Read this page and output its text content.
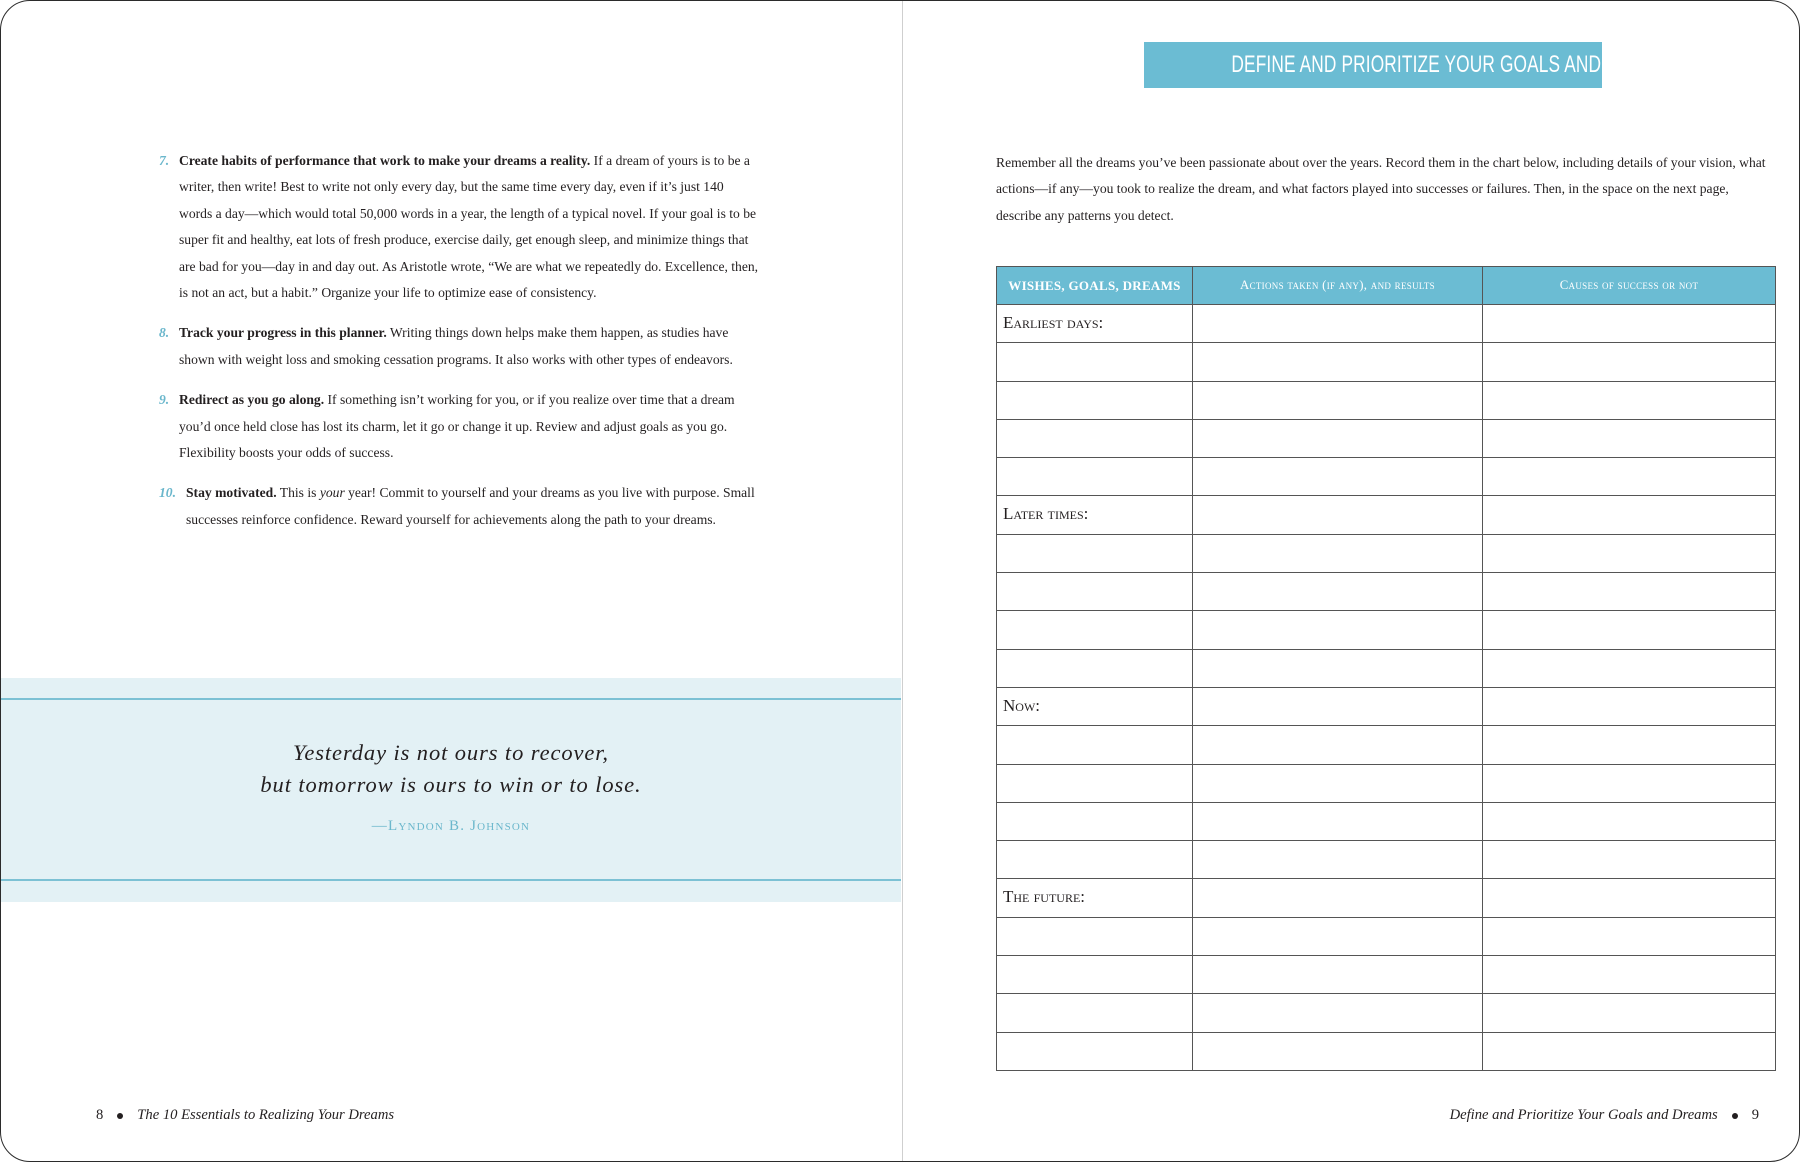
7. Create habits of performance that work to make your dreams a reality. If a dream of yours is to be a writer, then write! Best to write not only every day, but the same time every day, even if it’s just 140 words a day—which would total 50,000 words in a year, the length of a typical novel. If your goal is to be super fit and healthy, eat lots of fresh produce, exercise daily, get enough sleep, and minimize things that are bad for you—day in and day out. As Aristotle wrote, “We are what we repeatedly do. Excellence, then, is not an act, but a habit.” Organize your life to optimize ease of consistency.
8. Track your progress in this planner. Writing things down helps make them happen, as studies have shown with weight loss and smoking cessation programs. It also works with other types of endeavors.
9. Redirect as you go along. If something isn’t working for you, or if you realize over time that a dream you’d once held close has lost its charm, let it go or change it up. Review and adjust goals as you go. Flexibility boosts your odds of success.
10. Stay motivated. This is your year! Commit to yourself and your dreams as you live with purpose. Small successes reinforce confidence. Reward yourself for achievements along the path to your dreams.
Yesterday is not ours to recover,
but tomorrow is ours to win or to lose.
—Lyndon B. Johnson
8 The 10 Essentials to Realizing Your Dreams
DEFINE AND PRIORITIZE YOUR GOALS AND DREAMS

Remember all the dreams you’ve been passionate about over the years. Record them in the chart below, including details of your vision, what actions—if any—you took to realize the dream, and what factors played into successes or failures. Then, in the space on the next page, describe any patterns you detect.

WISHES, GOALS, DREAMS	Actions taken (if any), and results	Causes of success or not
Earliest days:		

Later times:		

Now:		

The future:		

Define and Prioritize Your Goals and Dreams 9
